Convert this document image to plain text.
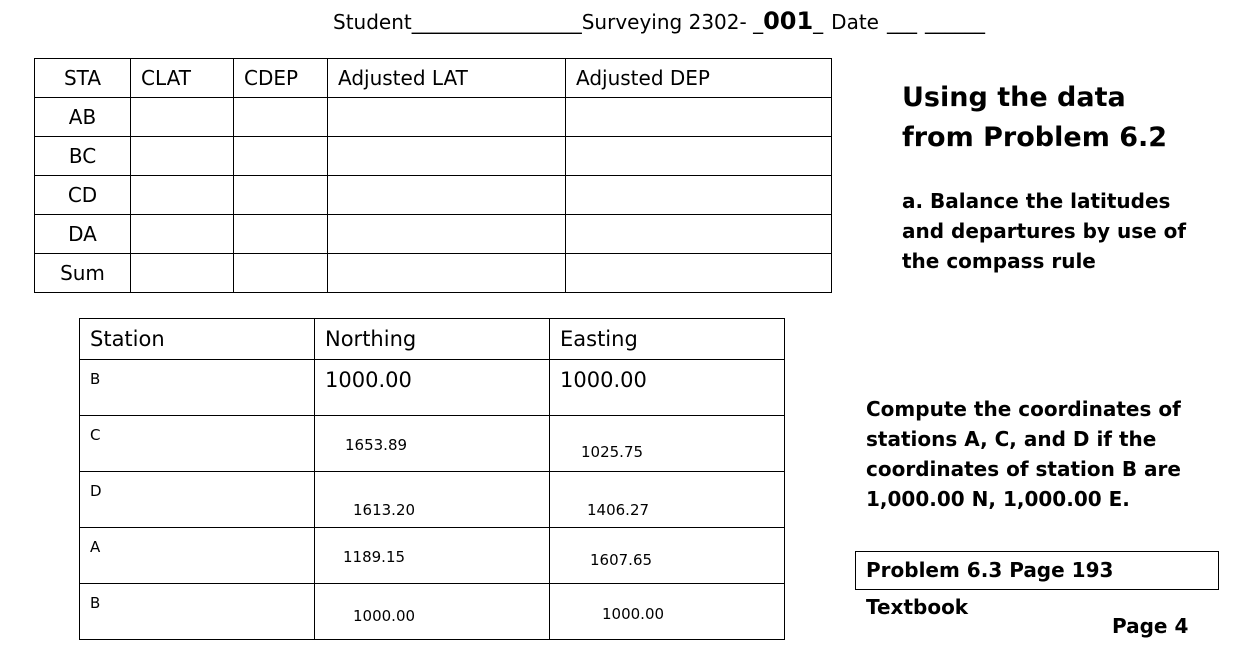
Student_________________Surveying 2302- _001_ Date ___ ______
STA	CLAT	CDEP	Adjusted LAT	Adjusted DEP
AB				
BC				
CD				
DA				
Sum				
Station	Northing	Easting

B	1000.00	1000.00

C	1653.89	1025.75

D	1613.20	1406.27

A	1189.15	1607.65

B	1000.00	1000.00
Using the data
from Problem 6.2
a. Balance the latitudes
and departures by use of
the compass rule
Compute the coordinates of
stations A, C, and D if the
coordinates of station B are
1,000.00 N, 1,000.00 E.
Problem 6.3 Page 193 Textbook
Page 4
